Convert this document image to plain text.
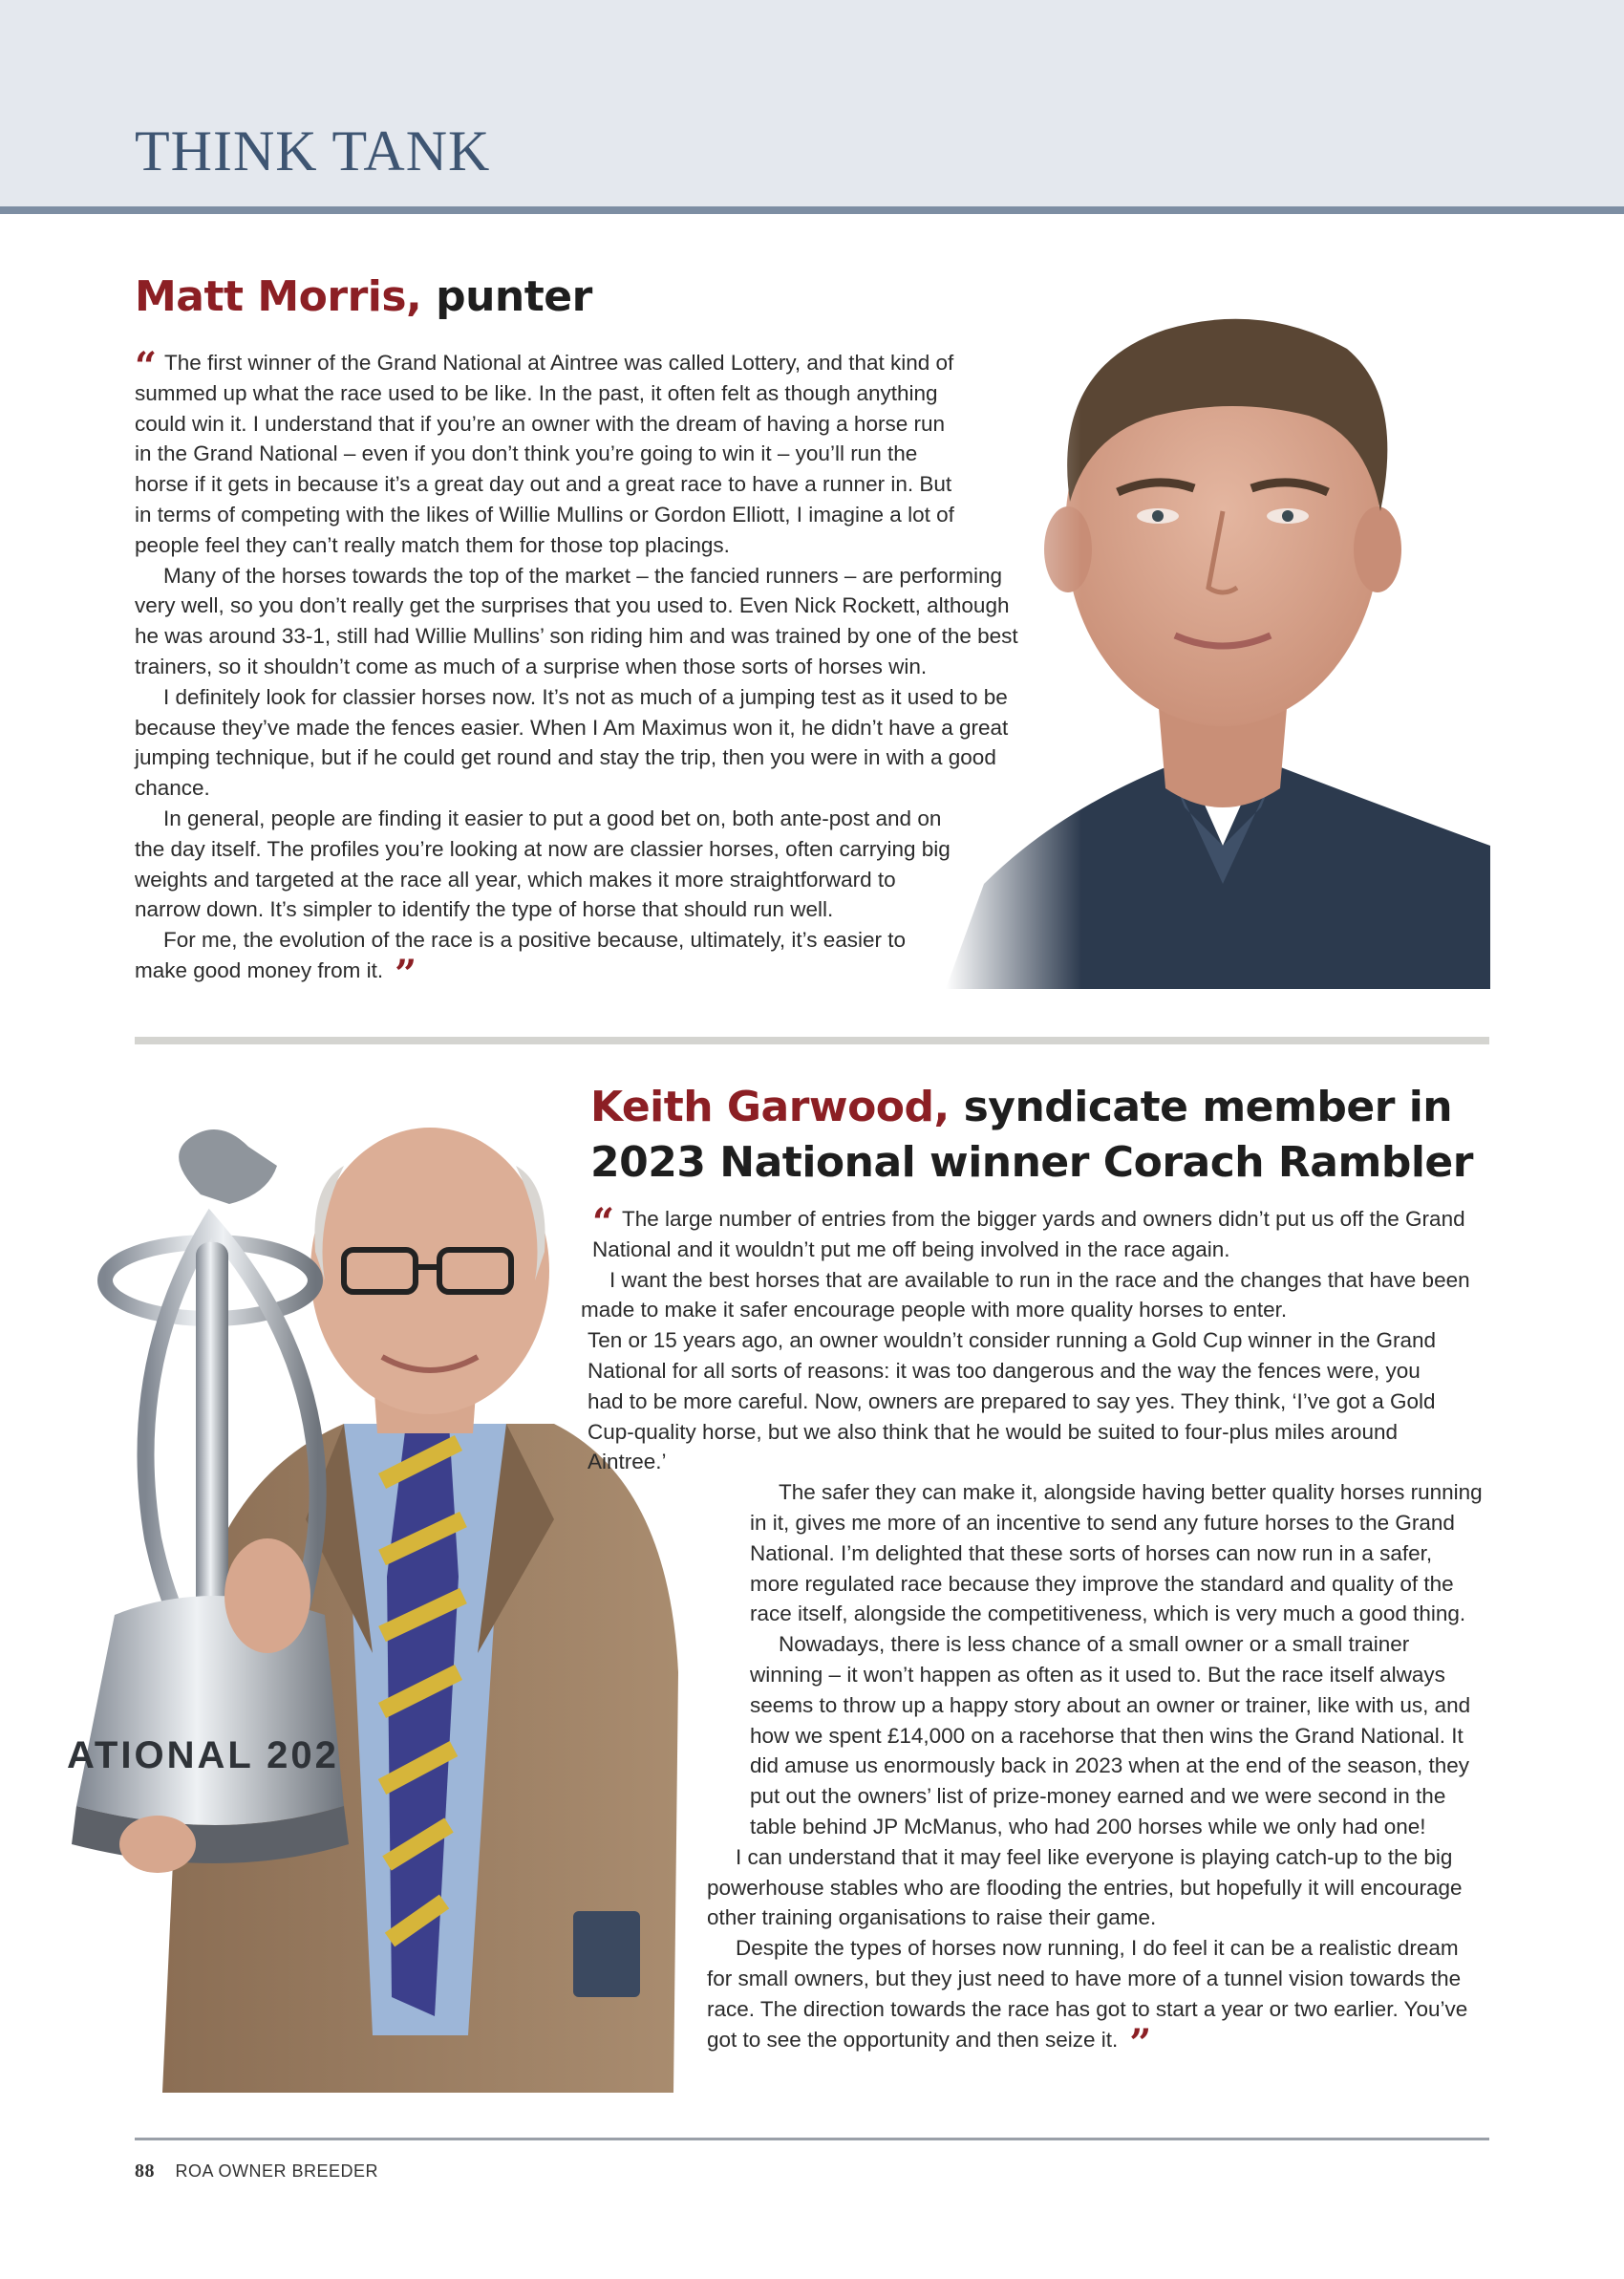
THINK TANK
Matt Morris, punter

“ The first winner of the Grand National at Aintree was called Lottery, and that kind of summed up what the race used to be like. In the past, it often felt as though anything could win it. I understand that if you’re an owner with the dream of having a horse run in the Grand National – even if you don’t think you’re going to win it – you’ll run the horse if it gets in because it’s a great day out and a great race to have a runner in. But in terms of competing with the likes of Willie Mullins or Gordon Elliott, I imagine a lot of people feel they can’t really match them for those top placings.

Many of the horses towards the top of the market – the fancied runners – are performing very well, so you don’t really get the surprises that you used to. Even Nick Rockett, although he was around 33-1, still had Willie Mullins’ son riding him and was trained by one of the best trainers, so it shouldn’t come as much of a surprise when those sorts of horses win.

I definitely look for classier horses now. It’s not as much of a jumping test as it used to be because they’ve made the fences easier. When I Am Maximus won it, he didn’t have a great jumping technique, but if he could get round and stay the trip, then you were in with a good chance.

In general, people are finding it easier to put a good bet on, both ante-post and on the day itself. The profiles you’re looking at now are classier horses, often carrying big weights and targeted at the race all year, which makes it more straightforward to narrow down. It’s simpler to identify the type of horse that should run well.

For me, the evolution of the race is a positive because, ultimately, it’s easier to make good money from it. ”

Keith Garwood, syndicate member in
2023 National winner Corach Rambler
ATIONAL 202

“ The large number of entries from the bigger yards and owners didn’t put us off the Grand National and it wouldn’t put me off being involved in the race again.

I want the best horses that are available to run in the race and the changes that have been made to make it safer encourage people with more quality horses to enter.

Ten or 15 years ago, an owner wouldn’t consider running a Gold Cup winner in the Grand National for all sorts of reasons: it was too dangerous and the way the fences were, you had to be more careful. Now, owners are prepared to say yes. They think, ‘I’ve got a Gold Cup-quality horse, but we also think that he would be suited to four-plus miles around Aintree.’

The safer they can make it, alongside having better quality horses running in it, gives me more of an incentive to send any future horses to the Grand National. I’m delighted that these sorts of horses can now run in a safer, more regulated race because they improve the standard and quality of the race itself, alongside the competitiveness, which is very much a good thing.

Nowadays, there is less chance of a small owner or a small trainer winning – it won’t happen as often as it used to. But the race itself always seems to throw up a happy story about an owner or trainer, like with us, and how we spent £14,000 on a racehorse that then wins the Grand National. It did amuse us enormously back in 2023 when at the end of the season, they put out the owners’ list of prize-money earned and we were second in the table behind JP McManus, who had 200 horses while we only had one!

I can understand that it may feel like everyone is playing catch-up to the big powerhouse stables who are flooding the entries, but hopefully it will encourage other training organisations to raise their game.

Despite the types of horses now running, I do feel it can be a realistic dream for small owners, but they just need to have more of a tunnel vision towards the race. The direction towards the race has got to start a year or two earlier. You’ve got to see the opportunity and then seize it. ”

88 ROA OWNER BREEDER
